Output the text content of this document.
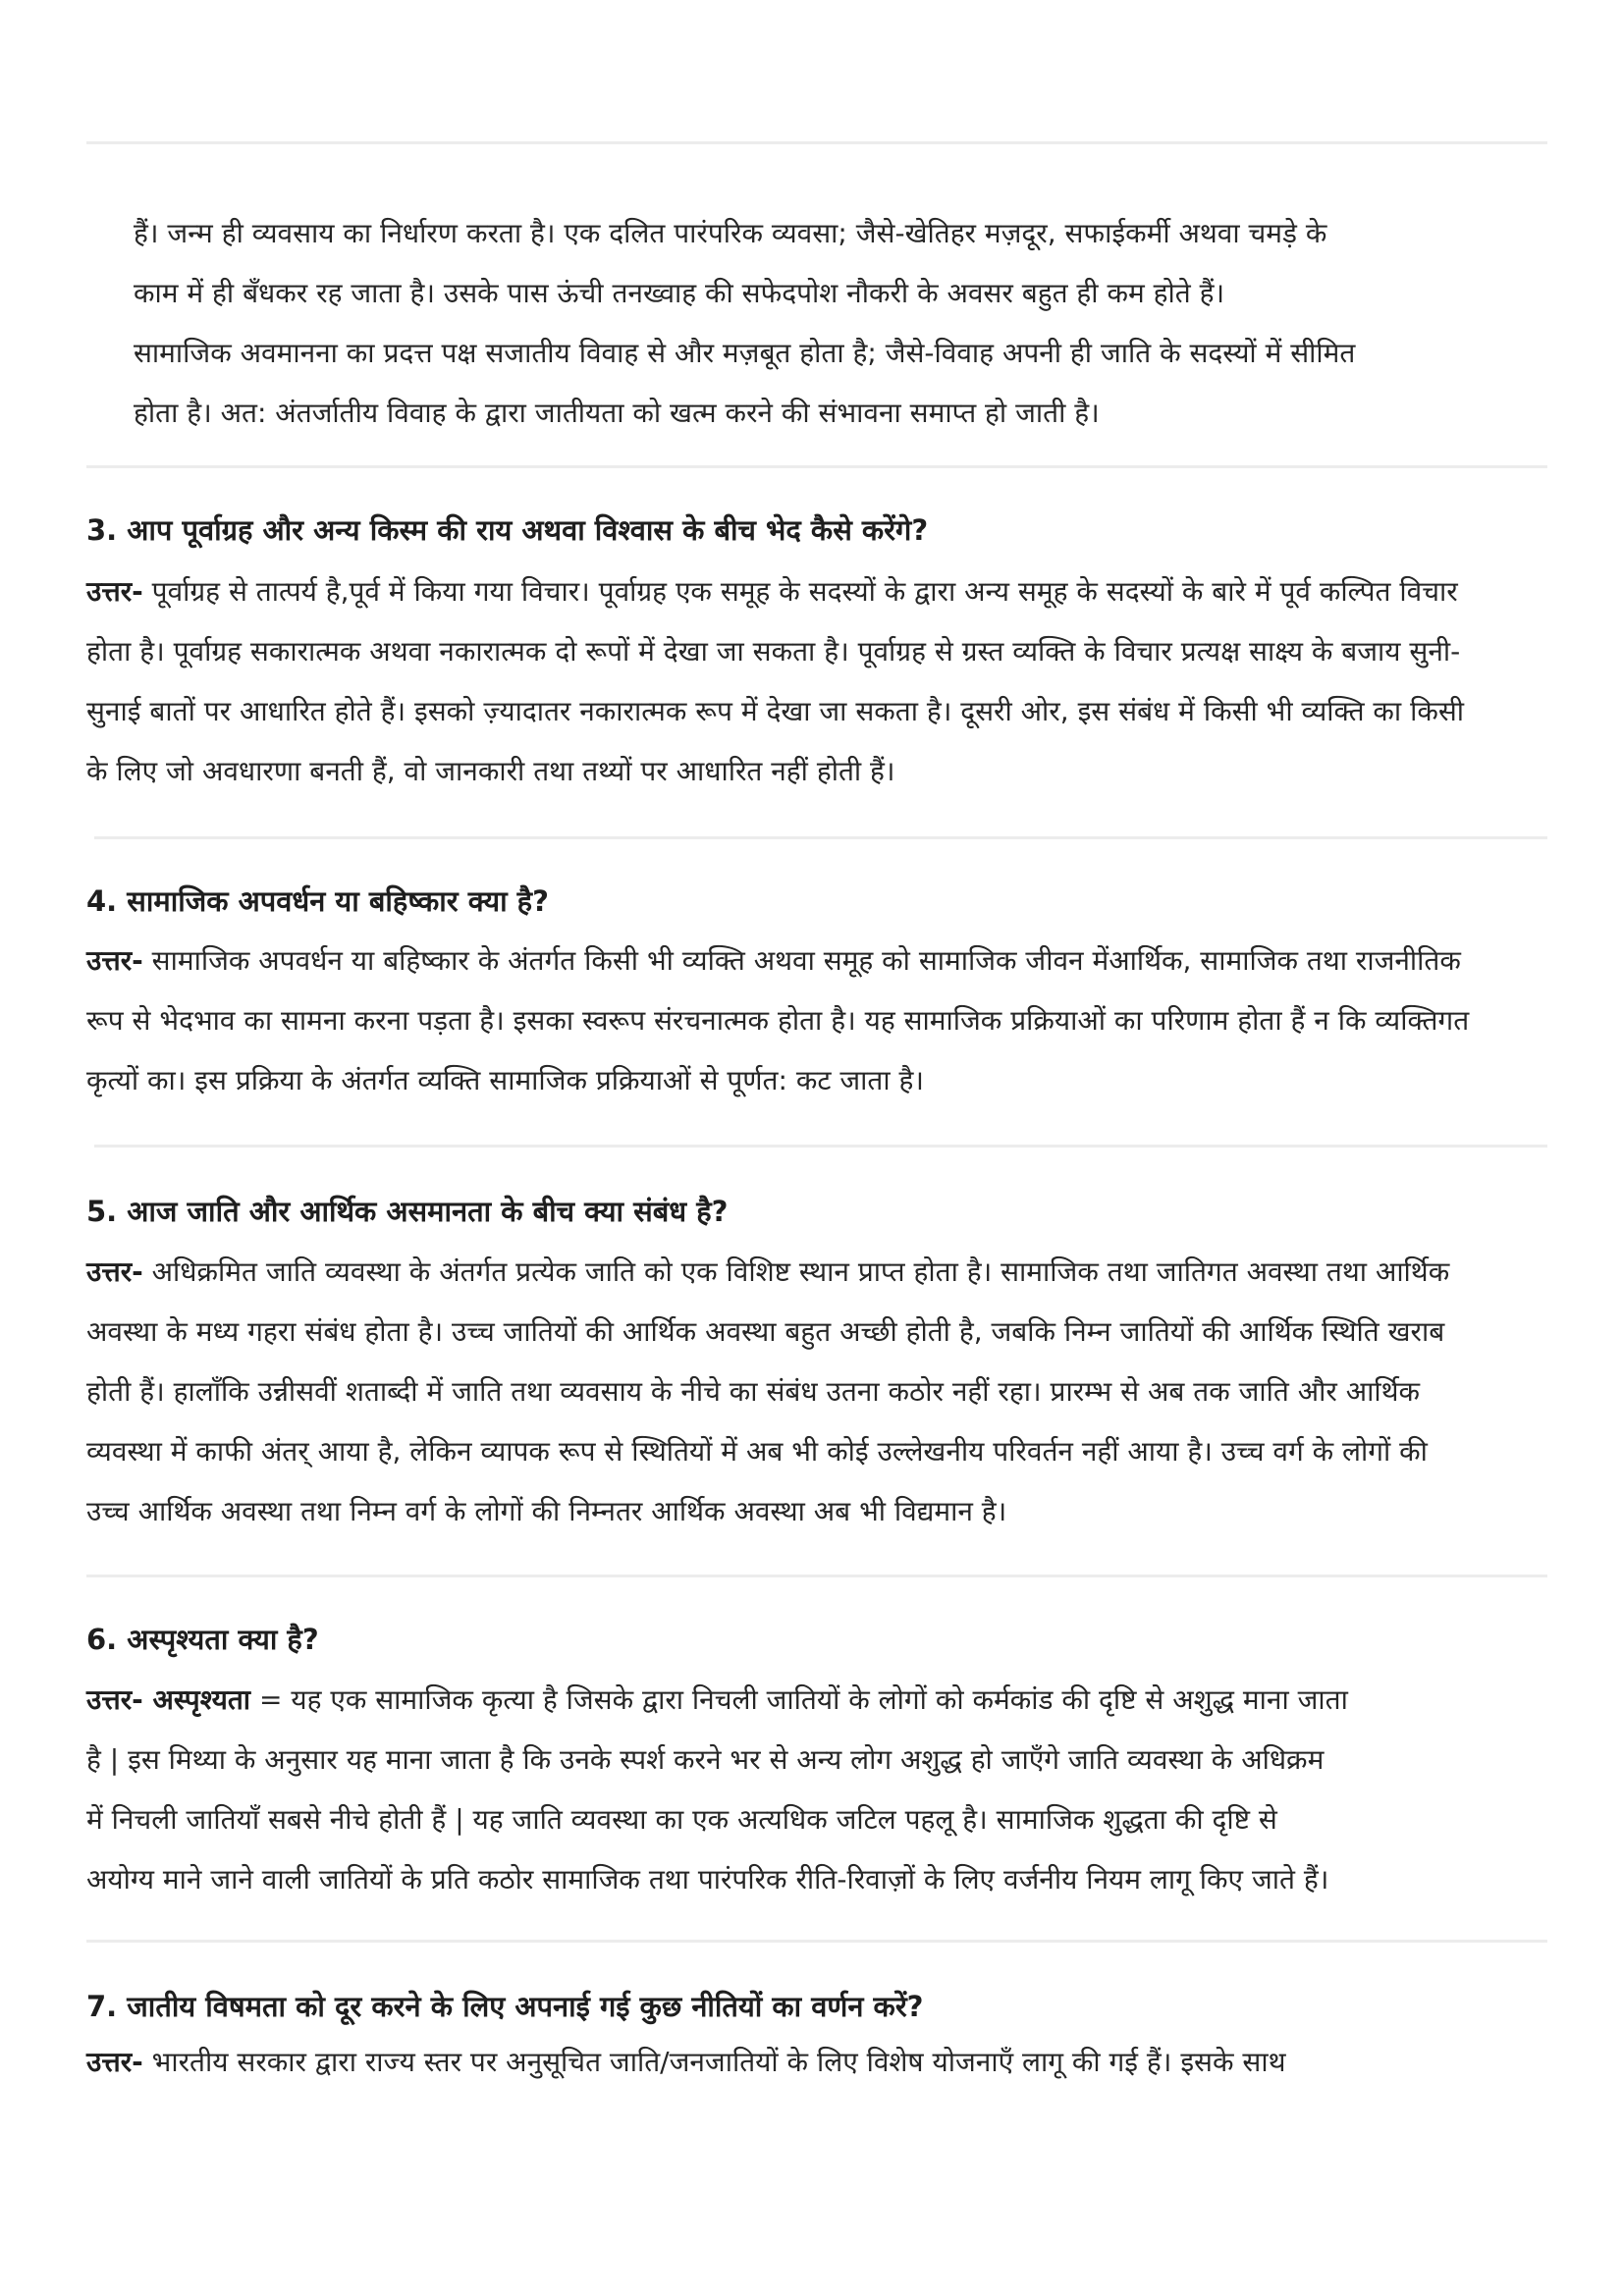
हैं। जन्म ही व्यवसाय का निर्धारण करता है। एक दलित पारंपरिक व्यवसा; जैसे-खेतिहर मज़दूर, सफाईकर्मी अथवा चमड़े के
काम में ही बँधकर रह जाता है। उसके पास ऊंची तनख्वाह की सफेदपोश नौकरी के अवसर बहुत ही कम होते हैं।
सामाजिक अवमानना का प्रदत्त पक्ष सजातीय विवाह से और मज़बूत होता है; जैसे-विवाह अपनी ही जाति के सदस्यों में सीमित
होता है। अत: अंतर्जातीय विवाह के द्वारा जातीयता को खत्म करने की संभावना समाप्त हो जाती है।
3. आप पूर्वाग्रह और अन्य किस्म की राय अथवा विश्वास के बीच भेद कैसे करेंगे?
उत्तर- पूर्वाग्रह से तात्पर्य है,पूर्व में किया गया विचार। पूर्वाग्रह एक समूह के सदस्यों के द्वारा अन्य समूह के सदस्यों के बारे में पूर्व कल्पित विचार
होता है। पूर्वाग्रह सकारात्मक अथवा नकारात्मक दो रूपों में देखा जा सकता है। पूर्वाग्रह से ग्रस्त व्यक्ति के विचार प्रत्यक्ष साक्ष्य के बजाय सुनी-
सुनाई बातों पर आधारित होते हैं। इसको ज़्यादातर नकारात्मक रूप में देखा जा सकता है। दूसरी ओर, इस संबंध में किसी भी व्यक्ति का किसी
के लिए जो अवधारणा बनती हैं, वो जानकारी तथा तथ्यों पर आधारित नहीं होती हैं।
4. सामाजिक अपवर्धन या बहिष्कार क्या है?
उत्तर- सामाजिक अपवर्धन या बहिष्कार के अंतर्गत किसी भी व्यक्ति अथवा समूह को सामाजिक जीवन मेंआर्थिक, सामाजिक तथा राजनीतिक
रूप से भेदभाव का सामना करना पड़ता है। इसका स्वरूप संरचनात्मक होता है। यह सामाजिक प्रक्रियाओं का परिणाम होता हैं न कि व्यक्तिगत
कृत्यों का। इस प्रक्रिया के अंतर्गत व्यक्ति सामाजिक प्रक्रियाओं से पूर्णत: कट जाता है।
5. आज जाति और आर्थिक असमानता के बीच क्या संबंध है?
उत्तर- अधिक्रमित जाति व्यवस्था के अंतर्गत प्रत्येक जाति को एक विशिष्ट स्थान प्राप्त होता है। सामाजिक तथा जातिगत अवस्था तथा आर्थिक
अवस्था के मध्य गहरा संबंध होता है। उच्च जातियों की आर्थिक अवस्था बहुत अच्छी होती है, जबकि निम्न जातियों की आर्थिक स्थिति खराब
होती हैं। हालाँकि उन्नीसवीं शताब्दी में जाति तथा व्यवसाय के नीचे का संबंध उतना कठोर नहीं रहा। प्रारम्भ से अब तक जाति और आर्थिक
व्यवस्था में काफी अंतर् आया है, लेकिन व्यापक रूप से स्थितियों में अब भी कोई उल्लेखनीय परिवर्तन नहीं आया है। उच्च वर्ग के लोगों की
उच्च आर्थिक अवस्था तथा निम्न वर्ग के लोगों की निम्नतर आर्थिक अवस्था अब भी विद्यमान है।
6. अस्पृश्यता क्या है?
उत्तर- अस्पृश्यता = यह एक सामाजिक कृत्या है जिसके द्वारा निचली जातियों के लोगों को कर्मकांड की दृष्टि से अशुद्ध माना जाता
है | इस मिथ्या के अनुसार यह माना जाता है कि उनके स्पर्श करने भर से अन्य लोग अशुद्ध हो जाएँगे जाति व्यवस्था के अधिक्रम
में निचली जातियाँ सबसे नीचे होती हैं | यह जाति व्यवस्था का एक अत्यधिक जटिल पहलू है। सामाजिक शुद्धता की दृष्टि से
अयोग्य माने जाने वाली जातियों के प्रति कठोर सामाजिक तथा पारंपरिक रीति-रिवाज़ों के लिए वर्जनीय नियम लागू किए जाते हैं।
7. जातीय विषमता को दूर करने के लिए अपनाई गई कुछ नीतियों का वर्णन करें?
उत्तर- भारतीय सरकार द्वारा राज्य स्तर पर अनुसूचित जाति/जनजातियों के लिए विशेष योजनाएँ लागू की गई हैं। इसके साथ
